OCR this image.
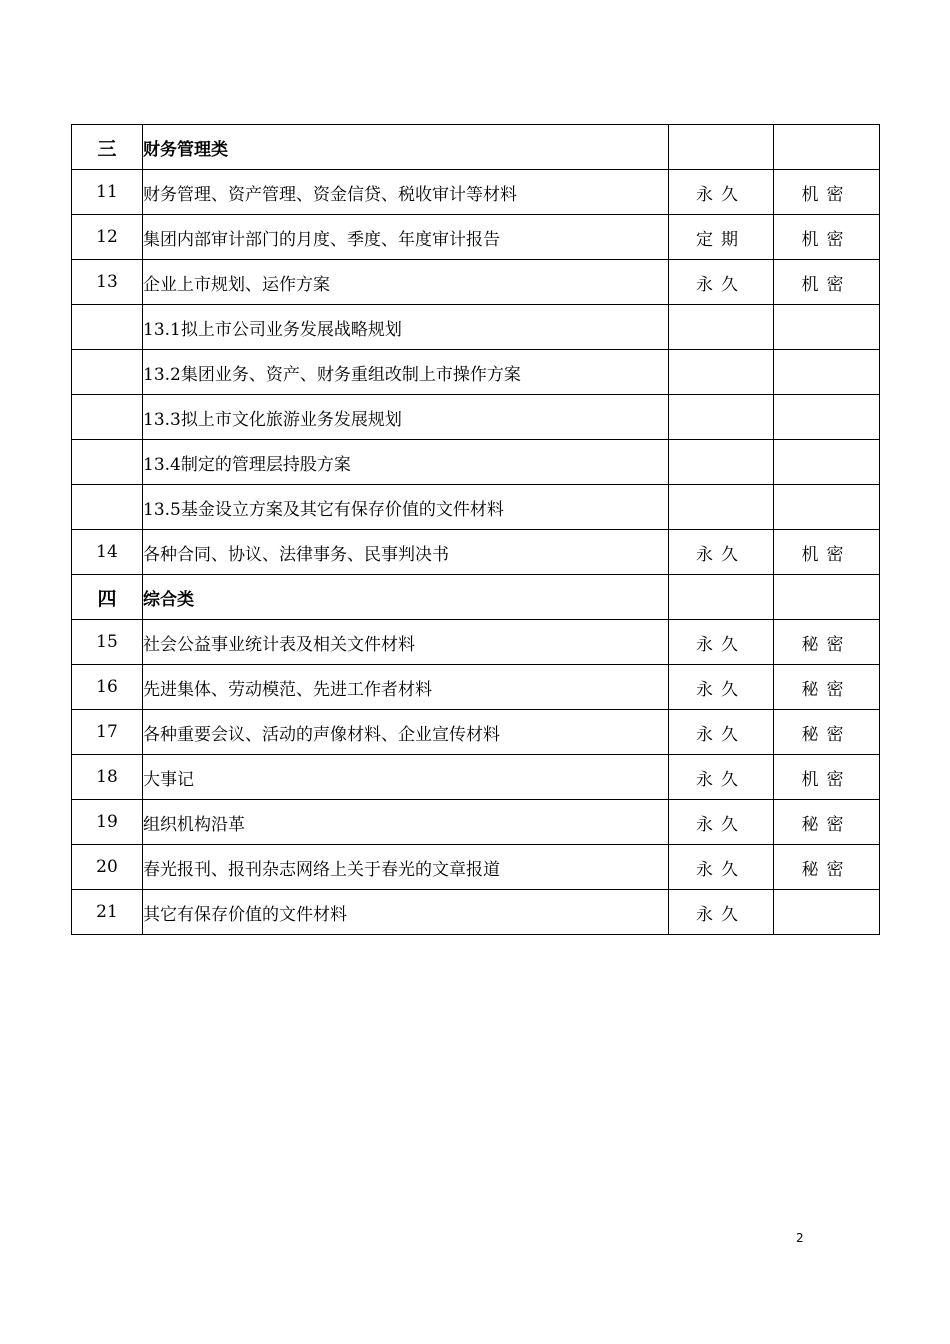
三	财务管理类		
11	财务管理、资产管理、资金信贷、税收审计等材料	永久	机密
12	集团内部审计部门的月度、季度、年度审计报告	定期	机密
13	企业上市规划、运作方案	永久	机密
	13.1拟上市公司业务发展战略规划		
	13.2集团业务、资产、财务重组改制上市操作方案		
	13.3拟上市文化旅游业务发展规划		
	13.4制定的管理层持股方案		
	13.5基金设立方案及其它有保存价值的文件材料		
14	各种合同、协议、法律事务、民事判决书	永久	机密
四	综合类		
15	社会公益事业统计表及相关文件材料	永久	秘密
16	先进集体、劳动模范、先进工作者材料	永久	秘密
17	各种重要会议、活动的声像材料、企业宣传材料	永久	秘密
18	大事记	永久	机密
19	组织机构沿革	永久	秘密
20	春光报刊、报刊杂志网络上关于春光的文章报道	永久	秘密
21	其它有保存价值的文件材料	永久	
2
